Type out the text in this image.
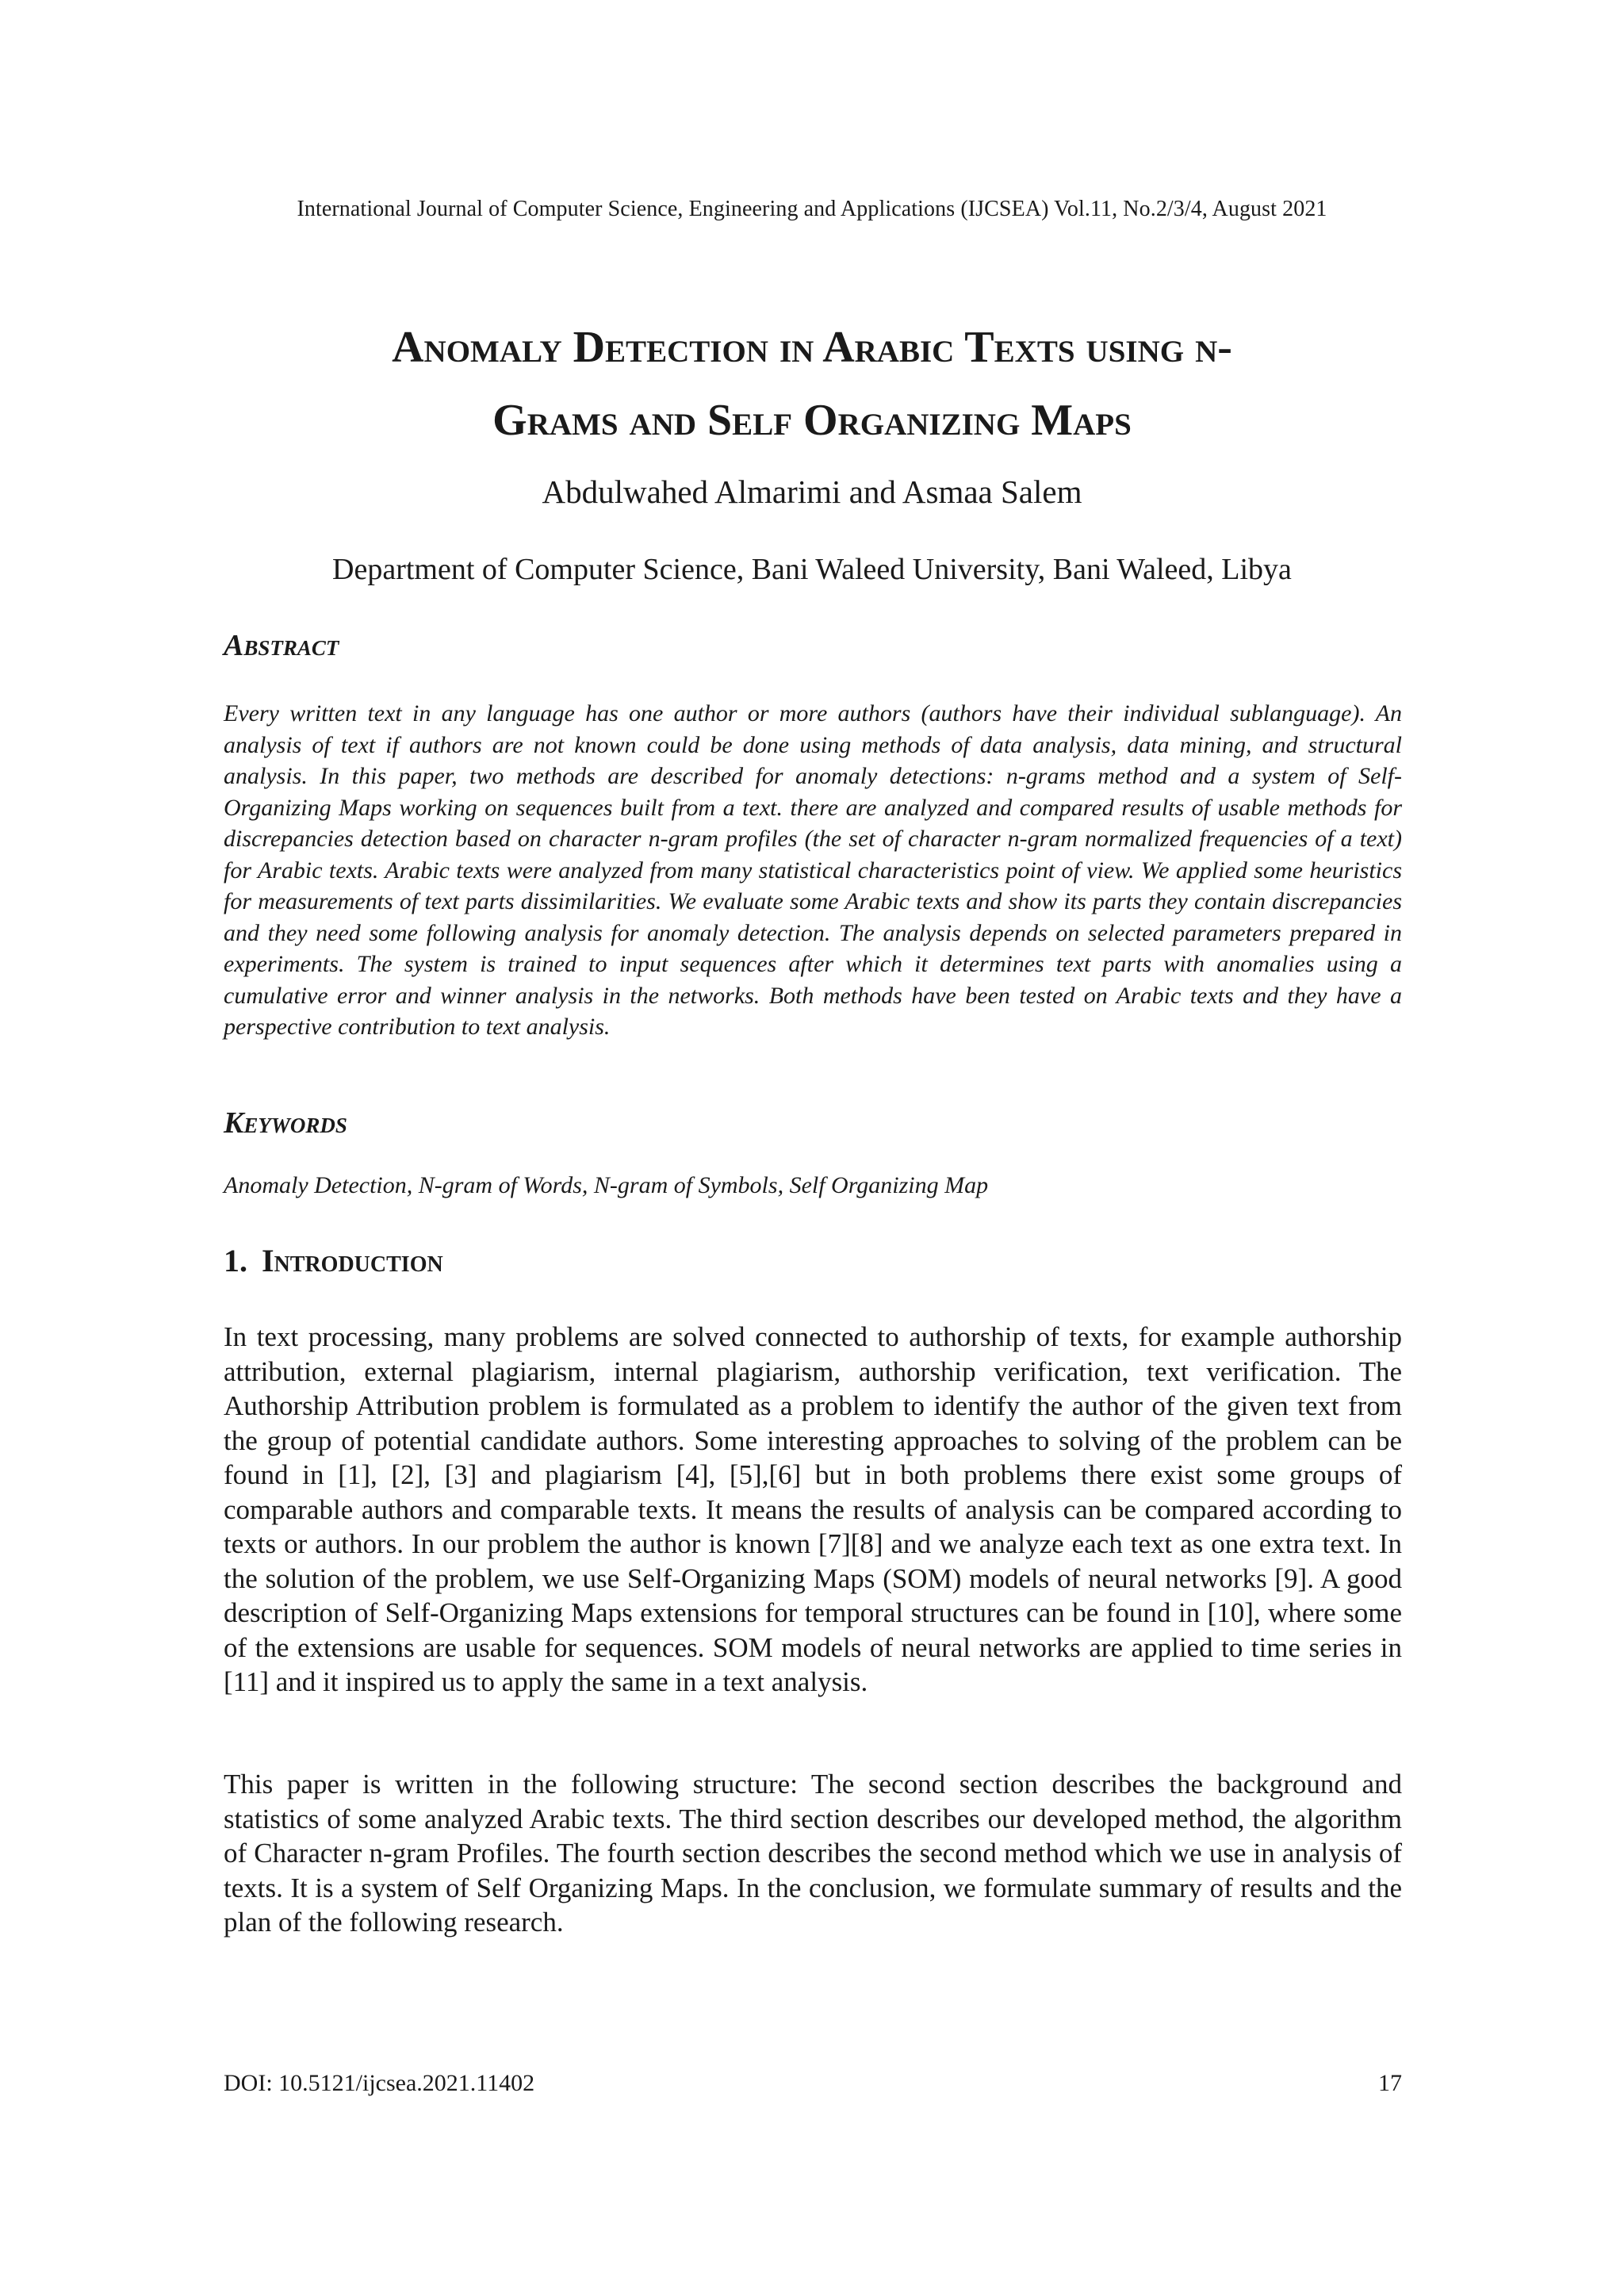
International Journal of Computer Science, Engineering and Applications (IJCSEA) Vol.11, No.2/3/4, August 2021
Anomaly Detection in Arabic Texts using n-
Grams and Self Organizing Maps
Abdulwahed Almarimi and Asmaa Salem
Department of Computer Science, Bani Waleed University, Bani Waleed, Libya
Abstract

Every written text in any language has one author or more authors (authors have their individual sublanguage). An analysis of text if authors are not known could be done using methods of data analysis, data mining, and structural analysis. In this paper, two methods are described for anomaly detections: n-grams method and a system of Self-Organizing Maps working on sequences built from a text. there are analyzed and compared results of usable methods for discrepancies detection based on character n-gram profiles (the set of character n-gram normalized frequencies of a text) for Arabic texts. Arabic texts were analyzed from many statistical characteristics point of view. We applied some heuristics for measurements of text parts dissimilarities. We evaluate some Arabic texts and show its parts they contain discrepancies and they need some following analysis for anomaly detection. The analysis depends on selected parameters prepared in experiments. The system is trained to input sequences after which it determines text parts with anomalies using a cumulative error and winner analysis in the networks. Both methods have been tested on Arabic texts and they have a perspective contribution to text analysis.

Keywords

Anomaly Detection, N-gram of Words, N-gram of Symbols, Self Organizing Map

1. Introduction

In text processing, many problems are solved connected to authorship of texts, for example authorship attribution, external plagiarism, internal plagiarism, authorship verification, text verification. The Authorship Attribution problem is formulated as a problem to identify the author of the given text from the group of potential candidate authors. Some interesting approaches to solving of the problem can be found in [1], [2], [3] and plagiarism [4], [5],[6] but in both problems there exist some groups of comparable authors and comparable texts. It means the results of analysis can be compared according to texts or authors. In our problem the author is known [7][8] and we analyze each text as one extra text. In the solution of the problem, we use Self-Organizing Maps (SOM) models of neural networks [9]. A good description of Self-Organizing Maps extensions for temporal structures can be found in [10], where some of the extensions are usable for sequences. SOM models of neural networks are applied to time series in [11] and it inspired us to apply the same in a text analysis.

This paper is written in the following structure: The second section describes the background and statistics of some analyzed Arabic texts. The third section describes our developed method, the algorithm of Character n-gram Profiles. The fourth section describes the second method which we use in analysis of texts. It is a system of Self Organizing Maps. In the conclusion, we formulate summary of results and the plan of the following research.

DOI: 10.5121/ijcsea.2021.11402	17
